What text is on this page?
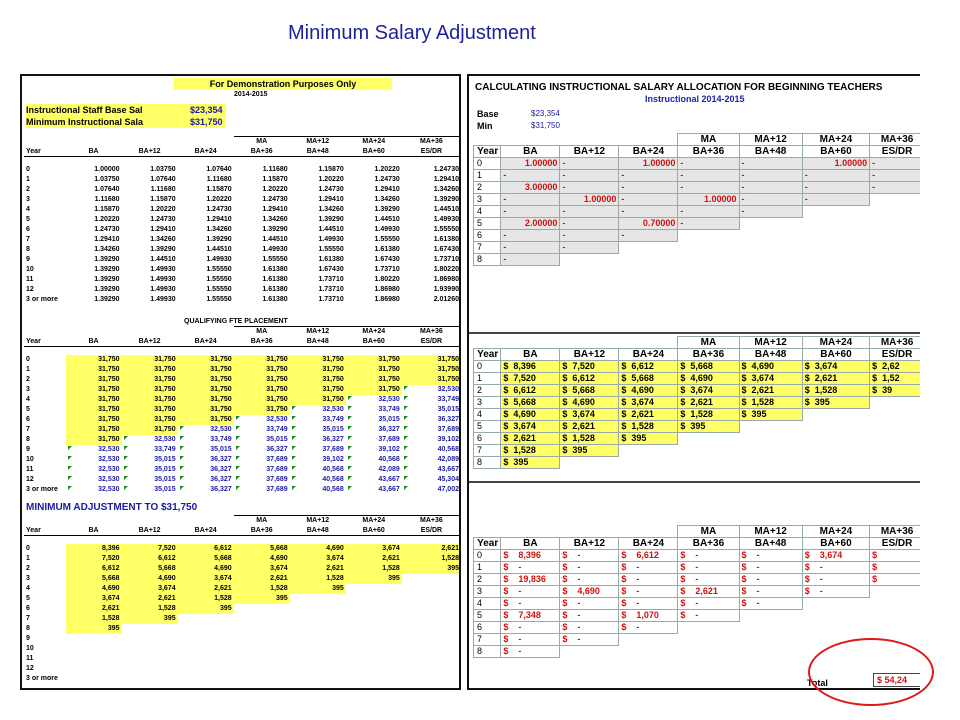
Minimum Salary Adjustment
For Demonstration Purposes Only
2014-2015
Instructional Staff Base Sal	$23,354
Minimum Instructional Sala	$31,750
				MA	MA+12	MA+24	MA+36
Year	BA	BA+12	BA+24	BA+36	BA+48	BA+60	ES/DR

0	1.00000	1.03750	1.07640	1.11680	1.15870	1.20220	1.24730
1	1.03750	1.07640	1.11680	1.15870	1.20220	1.24730	1.29410
2	1.07640	1.11680	1.15870	1.20220	1.24730	1.29410	1.34260
3	1.11680	1.15870	1.20220	1.24730	1.29410	1.34260	1.39290
4	1.15870	1.20220	1.24730	1.29410	1.34260	1.39290	1.44510
5	1.20220	1.24730	1.29410	1.34260	1.39290	1.44510	1.49930
6	1.24730	1.29410	1.34260	1.39290	1.44510	1.49930	1.55550
7	1.29410	1.34260	1.39290	1.44510	1.49930	1.55550	1.61380
8	1.34260	1.39290	1.44510	1.49930	1.55550	1.61380	1.67430
9	1.39290	1.44510	1.49930	1.55550	1.61380	1.67430	1.73710
10	1.39290	1.49930	1.55550	1.61380	1.67430	1.73710	1.80220
11	1.39290	1.49930	1.55550	1.61380	1.73710	1.80220	1.86980
12	1.39290	1.49930	1.55550	1.61380	1.73710	1.86980	1.93990
3 or more	1.39290	1.49930	1.55550	1.61380	1.73710	1.86980	2.01260
QUALIFYING FTE PLACEMENT
				MA	MA+12	MA+24	MA+36
Year	BA	BA+12	BA+24	BA+36	BA+48	BA+60	ES/DR

0	31,750	31,750	31,750	31,750	31,750	31,750	31,750
1	31,750	31,750	31,750	31,750	31,750	31,750	31,750
2	31,750	31,750	31,750	31,750	31,750	31,750	31,750
3	31,750	31,750	31,750	31,750	31,750	31,750	32,530
4	31,750	31,750	31,750	31,750	31,750	32,530	33,749
5	31,750	31,750	31,750	31,750	32,530	33,749	35,015
6	31,750	31,750	31,750	32,530	33,749	35,015	36,327
7	31,750	31,750	32,530	33,749	35,015	36,327	37,689
8	31,750	32,530	33,749	35,015	36,327	37,689	39,102
9	32,530	33,749	35,015	36,327	37,689	39,102	40,568
10	32,530	35,015	36,327	37,689	39,102	40,568	42,089
11	32,530	35,015	36,327	37,689	40,568	42,089	43,667
12	32,530	35,015	36,327	37,689	40,568	43,667	45,304
3 or more	32,530	35,015	36,327	37,689	40,568	43,667	47,002
MINIMUM ADJUSTMENT TO $31,750
				MA	MA+12	MA+24	MA+36
Year	BA	BA+12	BA+24	BA+36	BA+48	BA+60	ES/DR

0	8,396	7,520	6,612	5,668	4,690	3,674	2,621
1	7,520	6,612	5,668	4,690	3,674	2,621	1,528
2	6,612	5,668	4,690	3,674	2,621	1,528	395
3	5,668	4,690	3,674	2,621	1,528	395	
4	4,690	3,674	2,621	1,528	395		
5	3,674	2,621	1,528	395			
6	2,621	1,528	395				
7	1,528	395					
8	395						
9							
10							
11							
12							
3 or more							
CALCULATING INSTRUCTIONAL SALARY ALLOCATION FOR BEGINNING TEACHERS
Instructional 2014-2015
Base	$23,354
Min	$31,750
				MA	MA+12	MA+24	MA+36
Year	BA	BA+12	BA+24	BA+36	BA+48	BA+60	ES/DR
0	1.00000	-	1.00000	-	-	1.00000	-
1	-	-	-	-	-	-	-
2	3.00000	-	-	-	-	-	-
3	-	1.00000	-	1.00000	-	-	
4	-	-	-	-	-		
5	2.00000	-	0.70000	-			
6	-	-	-				
7	-	-					
8	-						
				MA	MA+12	MA+24	MA+36
Year	BA	BA+12	BA+24	BA+36	BA+48	BA+60	ES/DR
0	$  8,396	$  7,520	$  6,612	$  5,668	$  4,690	$  3,674	$  2,62
1	$  7,520	$  6,612	$  5,668	$  4,690	$  3,674	$  2,621	$  1,52
2	$  6,612	$  5,668	$  4,690	$  3,674	$  2,621	$  1,528	$  39
3	$  5,668	$  4,690	$  3,674	$  2,621	$  1,528	$  395	
4	$  4,690	$  3,674	$  2,621	$  1,528	$  395		
5	$  3,674	$  2,621	$  1,528	$  395			
6	$  2,621	$  1,528	$  395				
7	$  1,528	$  395					
8	$  395						
				MA	MA+12	MA+24	MA+36
Year	BA	BA+12	BA+24	BA+36	BA+48	BA+60	ES/DR
0	$    8,396	$    -	$    6,612	$    -	$    -	$    3,674	$
1	$    -	$    -	$    -	$    -	$    -	$    -	$
2	$    19,836	$    -	$    -	$    -	$    -	$    -	$
3	$    -	$    4,690	$    -	$    2,621	$    -	$    -	
4	$    -	$    -	$    -	$    -	$    -		
5	$    7,348	$    -	$    1,070	$    -			
6	$    -	$    -	$    -				
7	$    -	$    -					
8	$    -						
Total	$ 54,24
